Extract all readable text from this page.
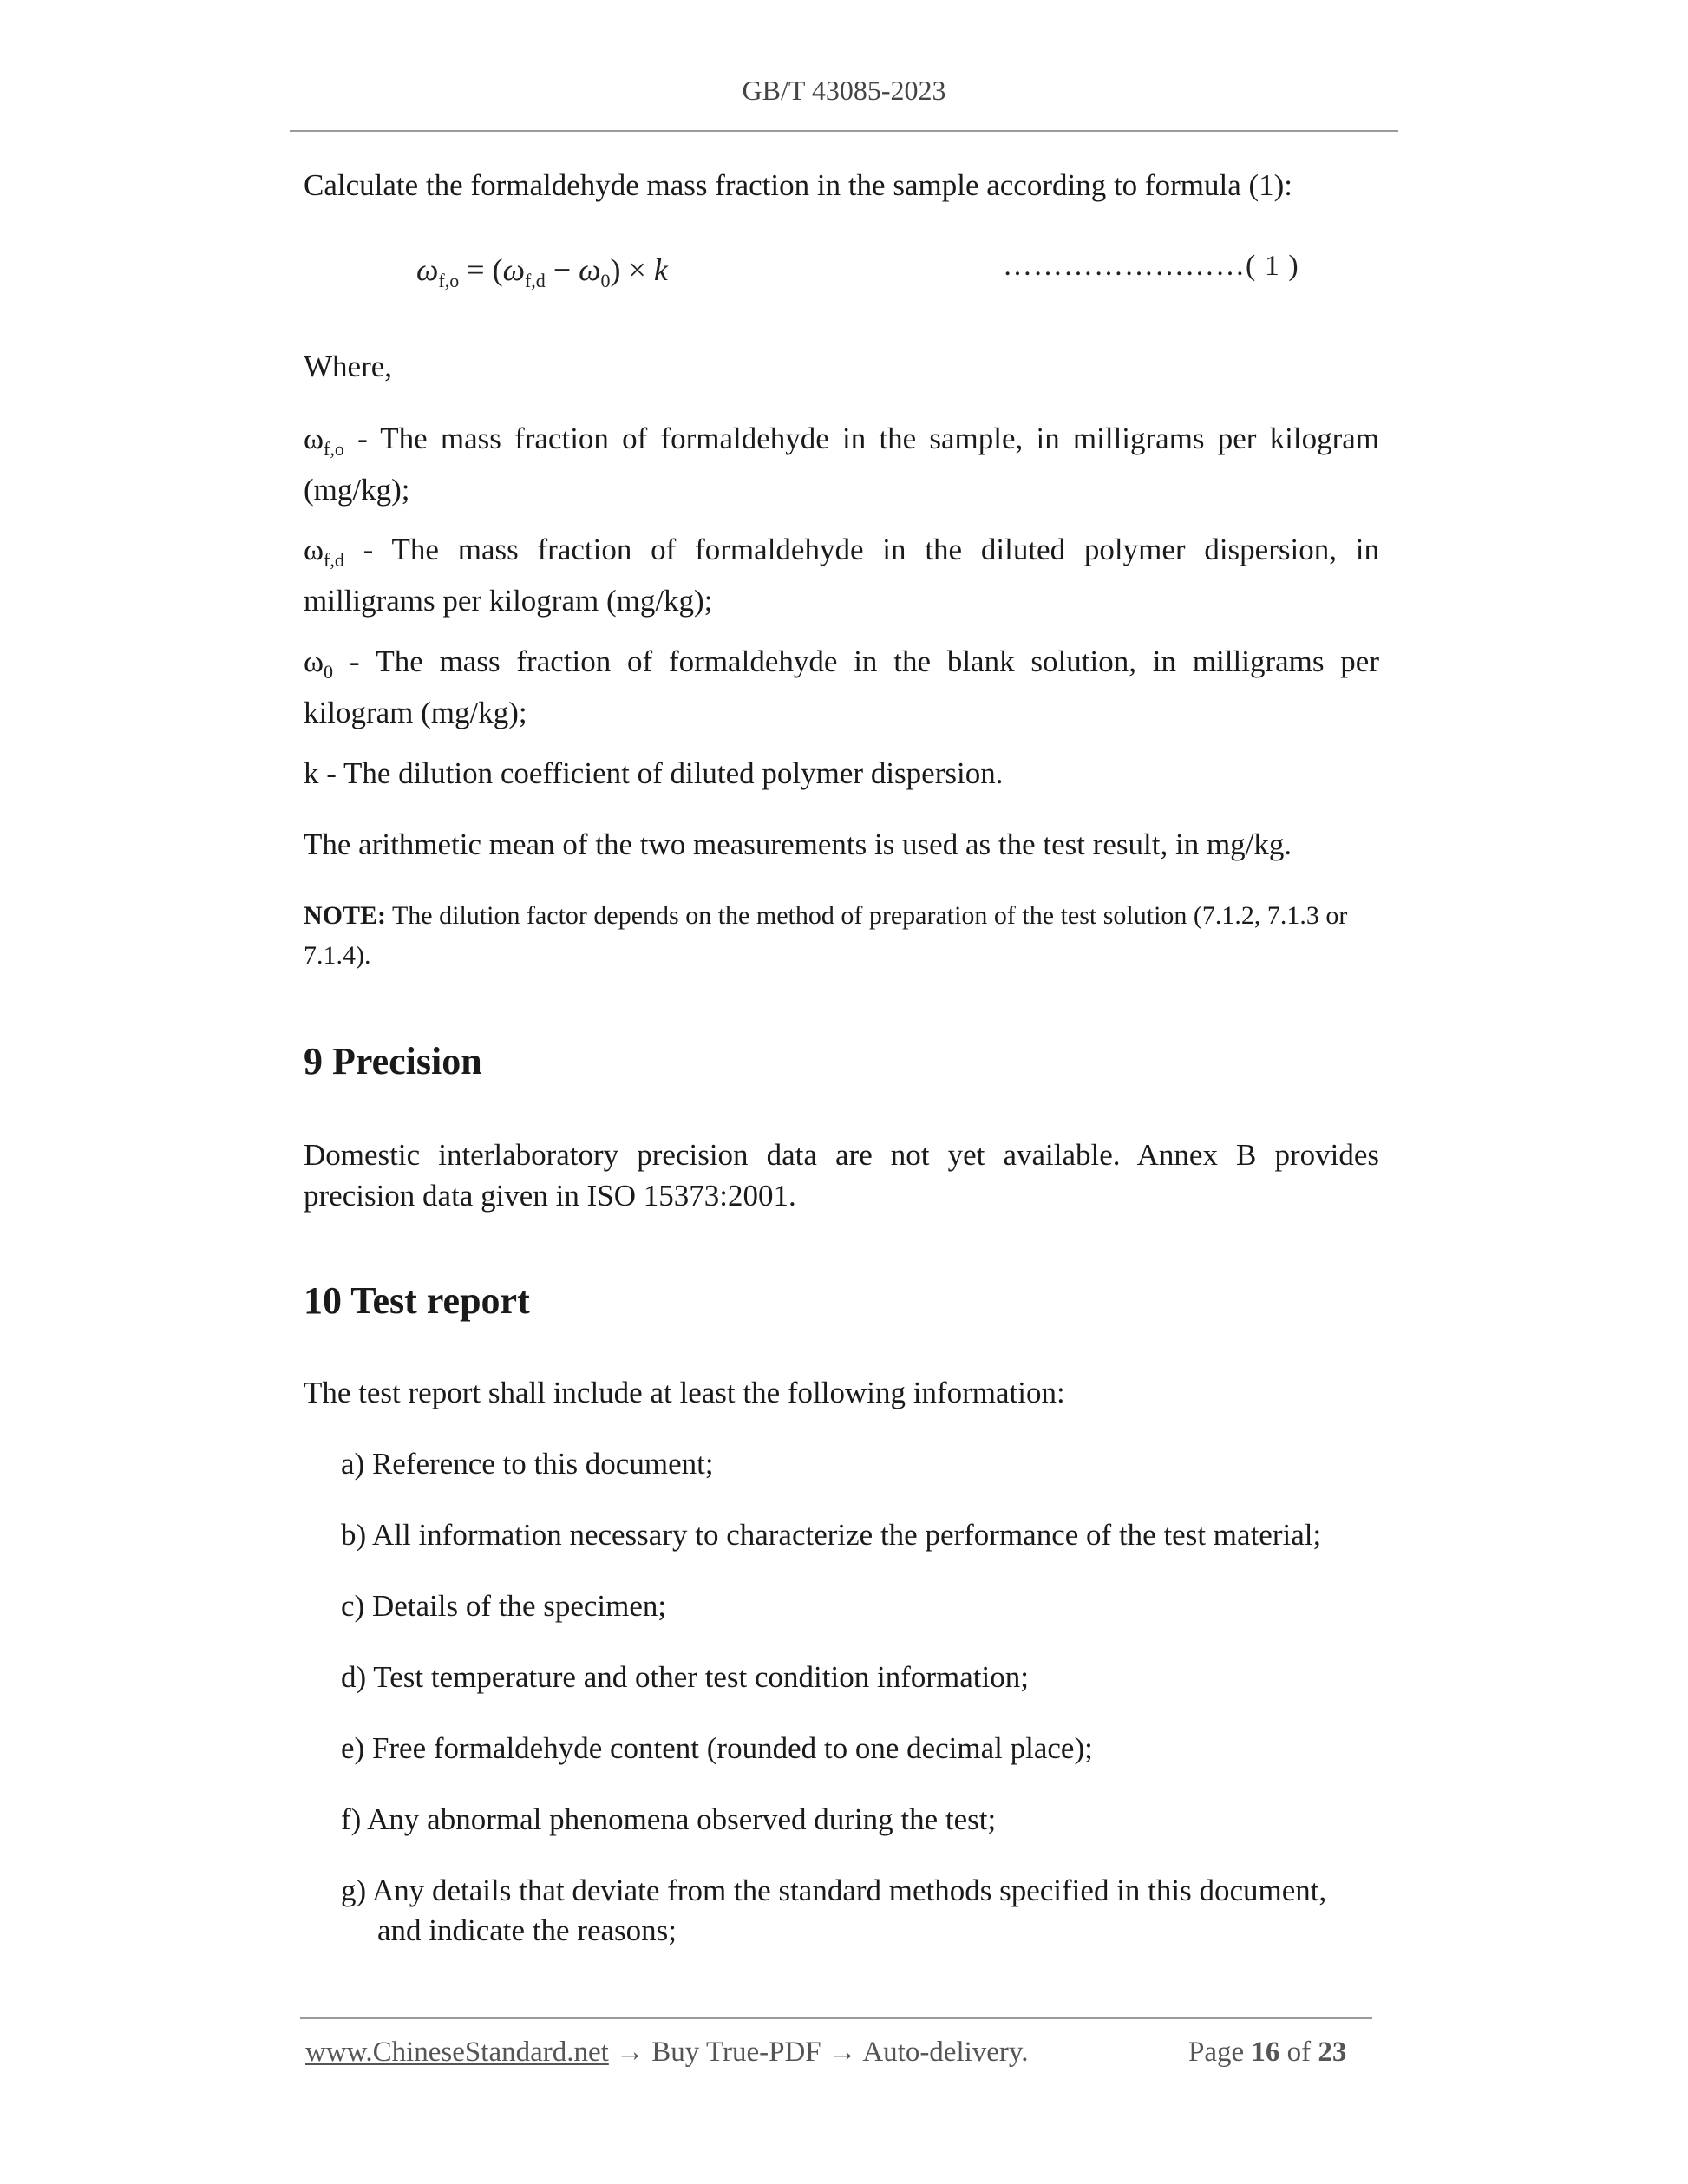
GB/T 43085-2023
Calculate the formaldehyde mass fraction in the sample according to formula (1):
$\omega_{f,o} = (\omega_{f,d} - \omega_0) \times k$	……………………( 1 )
Where,
$\omega_{f,o}$ - The mass fraction of formaldehyde in the sample, in milligrams per kilogram (mg/kg);
$\omega_{f,d}$ - The mass fraction of formaldehyde in the diluted polymer dispersion, in milligrams per kilogram (mg/kg);
$\omega_0$ - The mass fraction of formaldehyde in the blank solution, in milligrams per kilogram (mg/kg);
k - The dilution coefficient of diluted polymer dispersion.
The arithmetic mean of the two measurements is used as the test result, in mg/kg.
NOTE: The dilution factor depends on the method of preparation of the test solution (7.1.2, 7.1.3 or 7.1.4).
9 Precision
Domestic interlaboratory precision data are not yet available. Annex B provides precision data given in ISO 15373:2001.
10 Test report
The test report shall include at least the following information:
a) Reference to this document;
b) All information necessary to characterize the performance of the test material;
c) Details of the specimen;
d) Test temperature and other test condition information;
e) Free formaldehyde content (rounded to one decimal place);
f) Any abnormal phenomena observed during the test;
g) Any details that deviate from the standard methods specified in this document,
and indicate the reasons;
www.ChineseStandard.net → Buy True-PDF → Auto-delivery.	Page 16 of 23
